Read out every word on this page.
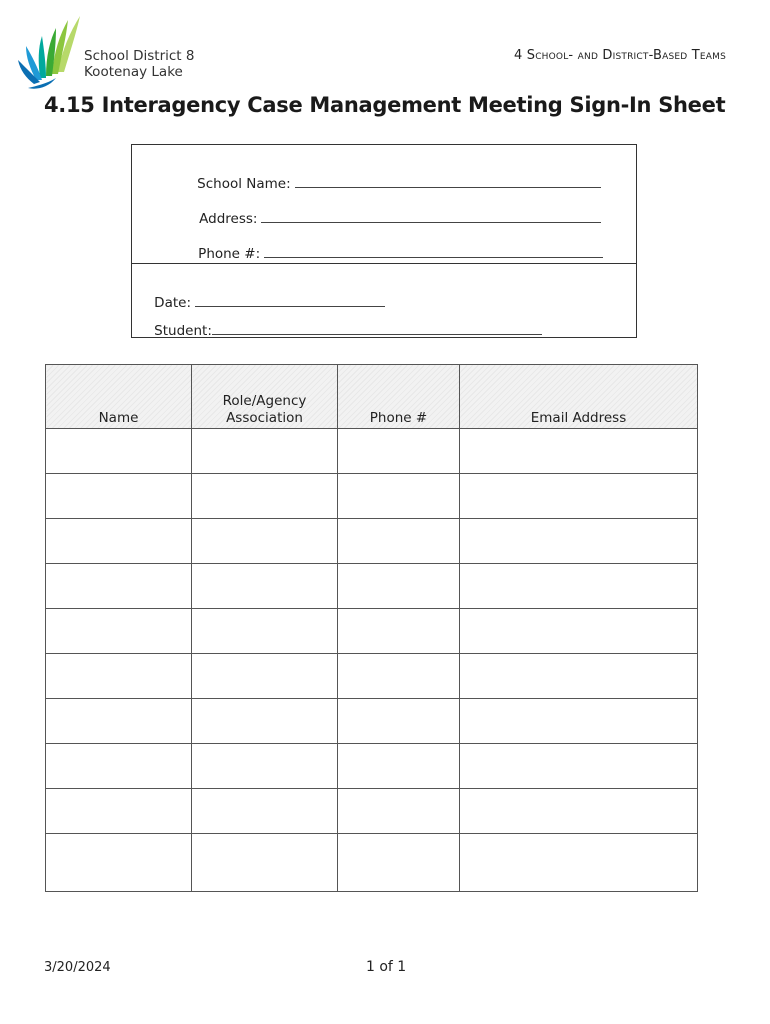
School District 8
Kootenay Lake
4 School- and District-Based Teams
4.15 Interagency Case Management Meeting Sign-In Sheet

School Name:

Address:

Phone #:

Date:

Student:

Name	Role/Agency Association	Phone #	Email Address

3/20/2024	1 of 1
